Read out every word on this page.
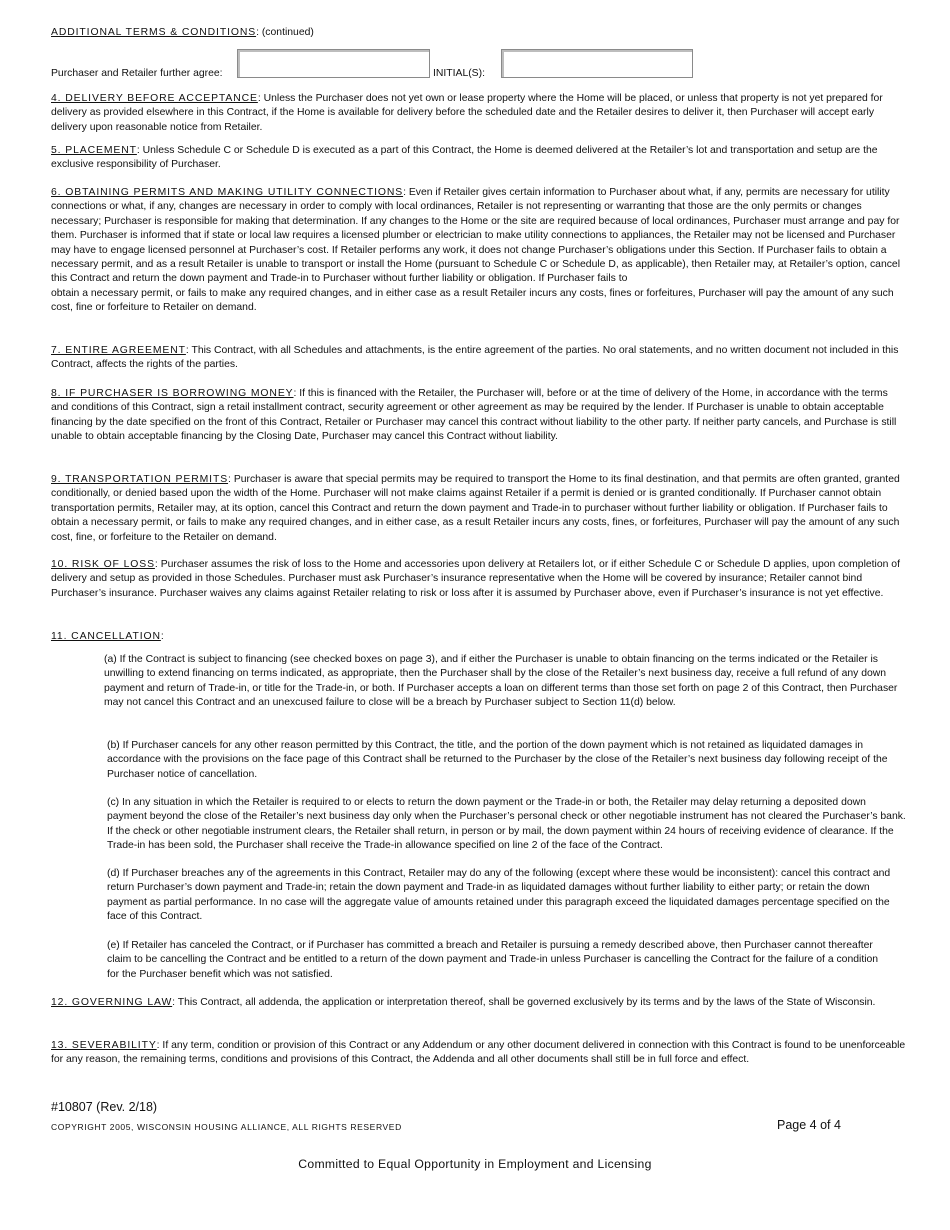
ADDITIONAL TERMS & CONDITIONS: (continued)
Purchaser and Retailer further agree:	INITIAL(S):
4. DELIVERY BEFORE ACCEPTANCE: Unless the Purchaser does not yet own or lease property where the Home will be placed, or unless that property is not yet prepared for delivery as provided elsewhere in this Contract, if the Home is available for delivery before the scheduled date and the Retailer desires to deliver it, then Purchaser will accept early delivery upon reasonable notice from Retailer.
5. PLACEMENT: Unless Schedule C or Schedule D is executed as a part of this Contract, the Home is deemed delivered at the Retailer’s lot and transportation and setup are the exclusive responsibility of Purchaser.
6. OBTAINING PERMITS AND MAKING UTILITY CONNECTIONS: Even if Retailer gives certain information to Purchaser about what, if any, permits are necessary for utility connections or what, if any, changes are necessary in order to comply with local ordinances, Retailer is not representing or warranting that those are the only permits or changes necessary; Purchaser is responsible for making that determination. If any changes to the Home or the site are required because of local ordinances, Purchaser must arrange and pay for them. Purchaser is informed that if state or local law requires a licensed plumber or electrician to make utility connections to appliances, the Retailer may not be licensed and Purchaser may have to engage licensed personnel at Purchaser’s cost. If Retailer performs any work, it does not change Purchaser’s obligations under this Section. If Purchaser fails to obtain a necessary permit, and as a result Retailer is unable to transport or install the Home (pursuant to Schedule C or Schedule D, as applicable), then Retailer may, at Retailer’s option, cancel this Contract and return the down payment and Trade-in to Purchaser without further liability or obligation. If Purchaser fails to
obtain a necessary permit, or fails to make any required changes, and in either case as a result Retailer incurs any costs, fines or forfeitures, Purchaser will pay the amount of any such cost, fine or forfeiture to Retailer on demand.
7. ENTIRE AGREEMENT: This Contract, with all Schedules and attachments, is the entire agreement of the parties. No oral statements, and no written document not included in this Contract, affects the rights of the parties.
8. IF PURCHASER IS BORROWING MONEY: If this is financed with the Retailer, the Purchaser will, before or at the time of delivery of the Home, in accordance with the terms and conditions of this Contract, sign a retail installment contract, security agreement or other agreement as may be required by the lender. If Purchaser is unable to obtain acceptable financing by the date specified on the front of this Contract, Retailer or Purchaser may cancel this contract without liability to the other party. If neither party cancels, and Purchase is still
unable to obtain acceptable financing by the Closing Date, Purchaser may cancel this Contract without liability.
9. TRANSPORTATION PERMITS: Purchaser is aware that special permits may be required to transport the Home to its final destination, and that permits are often granted, granted conditionally, or denied based upon the width of the Home. Purchaser will not make claims against Retailer if a permit is denied or is granted conditionally. If Purchaser cannot obtain transportation permits, Retailer may, at its option, cancel this Contract and return the down payment and Trade-in to purchaser without further liability or obligation. If Purchaser fails to obtain a necessary permit, or fails to make any required changes, and in either case, as a result Retailer incurs any costs, fines, or forfeitures, Purchaser will pay the amount of any such cost, fine, or forfeiture to the Retailer on demand.
10. RISK OF LOSS: Purchaser assumes the risk of loss to the Home and accessories upon delivery at Retailers lot, or if either Schedule C or Schedule D applies, upon completion of delivery and setup as provided in those Schedules. Purchaser must ask Purchaser’s insurance representative when the Home will be covered by insurance; Retailer cannot bind Purchaser’s insurance. Purchaser waives any claims against Retailer relating to risk or loss after it is assumed by Purchaser above, even if Purchaser’s insurance is not yet effective.
11. CANCELLATION:
(a) If the Contract is subject to financing (see checked boxes on page 3), and if either the Purchaser is unable to obtain financing on the terms indicated or the Retailer is unwilling to extend financing on terms indicated, as appropriate, then the Purchaser shall by the close of the Retailer’s next business day, receive a full refund of any down payment and return of Trade-in, or title for the Trade-in, or both. If Purchaser accepts a loan on different terms than those set forth on page 2 of this Contract, then Purchaser may not cancel this Contract and an unexcused failure to close will be a breach by Purchaser subject to Section 11(d) below.
(b) If Purchaser cancels for any other reason permitted by this Contract, the title, and the portion of the down payment which is not retained as liquidated damages in accordance with the provisions on the face page of this Contract shall be returned to the Purchaser by the close of the Retailer’s next business day following receipt of the Purchaser notice of cancellation.
(c) In any situation in which the Retailer is required to or elects to return the down payment or the Trade-in or both, the Retailer may delay returning a deposited down payment beyond the close of the Retailer’s next business day only when the Purchaser’s personal check or other negotiable instrument has not cleared the Purchaser’s bank. If the check or other negotiable instrument clears, the Retailer shall return, in person or by mail, the down payment within 24 hours of receiving evidence of clearance. If the Trade-in has been sold, the Purchaser shall receive the Trade-in allowance specified on line 2 of the face of the Contract.
(d) If Purchaser breaches any of the agreements in this Contract, Retailer may do any of the following (except where these would be inconsistent): cancel this contract and return Purchaser’s down payment and Trade-in; retain the down payment and Trade-in as liquidated damages without further liability to either party; or retain the down payment as partial performance. In no case will the aggregate value of amounts retained under this paragraph exceed the liquidated damages percentage specified on the face of this Contract.
(e) If Retailer has canceled the Contract, or if Purchaser has committed a breach and Retailer is pursuing a remedy described above, then Purchaser cannot thereafter claim to be cancelling the Contract and be entitled to a return of the down payment and Trade-in unless Purchaser is cancelling the Contract for the failure of a condition for the Purchaser benefit which was not satisfied.
12. GOVERNING LAW: This Contract, all addenda, the application or interpretation thereof, shall be governed exclusively by its terms and by the laws of the State of Wisconsin.
13. SEVERABILITY: If any term, condition or provision of this Contract or any Addendum or any other document delivered in connection with this Contract is found to be unenforceable for any reason, the remaining terms, conditions and provisions of this Contract, the Addenda and all other documents shall still be in full force and effect.
#10807 (Rev. 2/18)
COPYRIGHT 2005, WISCONSIN HOUSING ALLIANCE, ALL RIGHTS RESERVED	Page 4 of 4
Committed to Equal Opportunity in Employment and Licensing
